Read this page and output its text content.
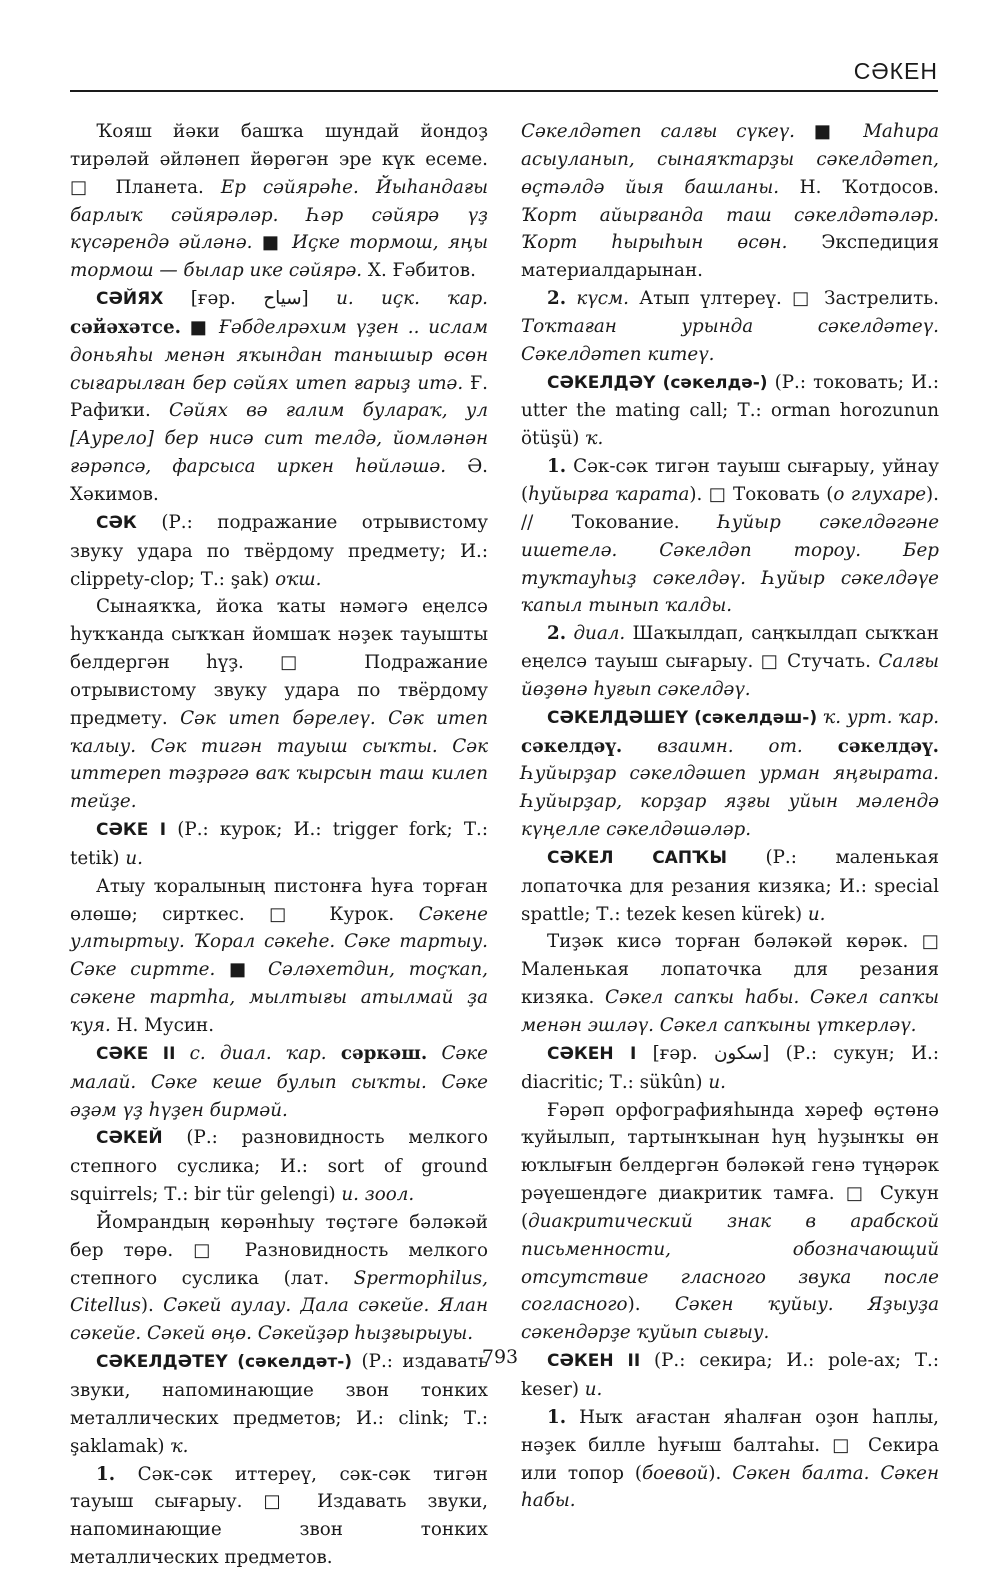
СӘКЕН

Ҡояш йәки башҡа шундай йондоҙ тирәләй әйләнеп йөрөгән эре күк есеме. □ Планета. Ер сәйярәһе. Йыһандағы барлыҡ сәйярәләр. Һәр сәйярә үҙ күсәрендә әйләнә. ■ Иҫке тормош, яңы тормош — былар ике сәйярә. Х. Ғәбитов.

СӘЙЯХ [ғәр. سياح] и. иҫк. ҡар. сәйәхәтсе. ■ Ғәбделрәхим үҙен .. ислам доньяһы менән яҡындан танышыр өсөн сығарылған бер сәйях итеп ғарыҙ итә. Ғ. Рафиҡи. Сәйях вә ғалим булараҡ, ул [Аурело] бер нисә сит телдә, йомләнән ғәрәпсә, фарсыса иркен һөйләшә. Ә. Хәкимов.

СӘК (Р.: подражание отрывистому звуку удара по твёрдому предмету; И.: clippety-clop; Т.: şak) оҡш.

Сынаяҡҡа, йоҡа ҡаты нәмәгә еңелсә һуҡҡанда сыҡҡан йомшаҡ нәҙек тауышты белдергән һүҙ. □ Подражание отрывистому звуку удара по твёрдому предмету. Сәк итеп бәрелеү. Сәк итеп ҡалыу. Сәк тигән тауыш сыҡты. Сәк иттереп тәҙрәгә ваҡ ҡырсын таш килеп тейҙе.

СӘКЕ I (Р.: курок; И.: trigger fork; Т.: tetik) и.

Атыу ҡоралының пистонға һуға торған өлөшө; сирткес. □ Курок. Сәкене ултыртыу. Ҡорал сәкеһе. Сәке тартыу. Сәке сиртте. ■ Сәләхетдин, тоҫҡап, сәкене тартһа, мылтығы атылмай ҙа ҡуя. Н. Мусин.

СӘКЕ II с. диал. ҡар. сәркәш. Сәке малай. Сәке кеше булып сыҡты. Сәке әҙәм үҙ һүҙен бирмәй.

СӘКЕЙ (Р.: разновидность мелкого степного суслика; И.: sort of ground squirrels; Т.: bir tür gelengi) и. зоол.

Йомрандың көрәнһыу төҫтәге бәләкәй бер төрө. □ Разновидность мелкого степного суслика (лат. Spermophilus, Citellus). Сәкей аулау. Дала сәкейе. Ялан сәкейе. Сәкей өңө. Сәкейҙәр һыҙғырыуы.

СӘКЕЛДӘТЕҮ (сәкелдәт-) (Р.: издавать звуки, напоминающие звон тонких металлических предметов; И.: clink; Т.: şaklamak) ҡ.

1. Сәк-сәк иттереү, сәк-сәк тигән тауыш сығарыу. □ Издавать звуки, напоминающие звон тонких металлических предметов.

Сәкелдәтеп салғы сүкеү. ■ Маһира асыуланып, сынаяҡтарҙы сәкелдәтеп, өҫтәлдә йыя башланы. Н. Ҡотдосов. Ҡорт айырғанда таш сәкелдәтәләр. Ҡорт һырыһын өсөн. Экспедиция материалдарынан.

2. күсм. Атып үлтереү. □ Застрелить. Тоҡтаған урында сәкелдәтеү. Сәкелдәтеп китеү.

СӘКЕЛДӘҮ (сәкелдә-) (Р.: токовать; И.: utter the mating call; Т.: orman horozunun ötüşü) ҡ.

1. Сәк-сәк тигән тауыш сығарыу, уйнау (һуйырға ҡарата). □ Токовать (о глухаре). // Токование. Һуйыр сәкелдәгәне ишетелә. Сәкелдәп тороу. Бер туҡтауһыҙ сәкелдәү. Һуйыр сәкелдәүе ҡапыл тынып ҡалды.

2. диал. Шаҡылдап, саңҡылдап сыҡҡан еңелсә тауыш сығарыу. □ Стучать. Салғы йөҙөнә һуғып сәкелдәү.

СӘКЕЛДӘШЕҮ (сәкелдәш-) ҡ. урт. ҡар. сәкелдәү. взаимн. от. сәкелдәү. Һуйырҙар сәкелдәшеп урман яңғырата. Һуйырҙар, корҙар яҙғы уйын мәлендә күңелле сәкелдәшәләр.

СӘКЕЛ САПҠЫ (Р.: маленькая лопаточка для резания кизяка; И.: special spattle; Т.: tezek kesen kürek) и.

Тиҙәк кисә торған бәләкәй көрәк. □ Маленькая лопаточка для резания кизяка. Сәкел сапҡы һабы. Сәкел сапҡы менән эшләү. Сәкел сапҡыны үткерләү.

СӘКЕН I [ғәр. سكون] (Р.: сукун; И.: diacritic; Т.: sükûn) и.

Ғәрәп орфографияһында хәреф өҫтөнә ҡуйылып, тартынҡынан һуң һуҙынҡы өн юҡлығын белдергән бәләкәй генә түңәрәк рәүешендәге диакритик тамға. □ Сукун (диакритический знак в арабской письменности, обозначающий отсутствие гласного звука после согласного). Сәкен ҡуйыу. Яҙыуҙа сәкендәрҙе ҡуйып сығыу.

СӘКЕН II (Р.: секира; И.: pole-ax; Т.: keser) и.

1. Ныҡ ағастан яһалған оҙон һаплы, нәҙек билле һуғыш балтаһы. □ Секира или топор (боевой). Сәкен балта. Сәкен һабы.

793
